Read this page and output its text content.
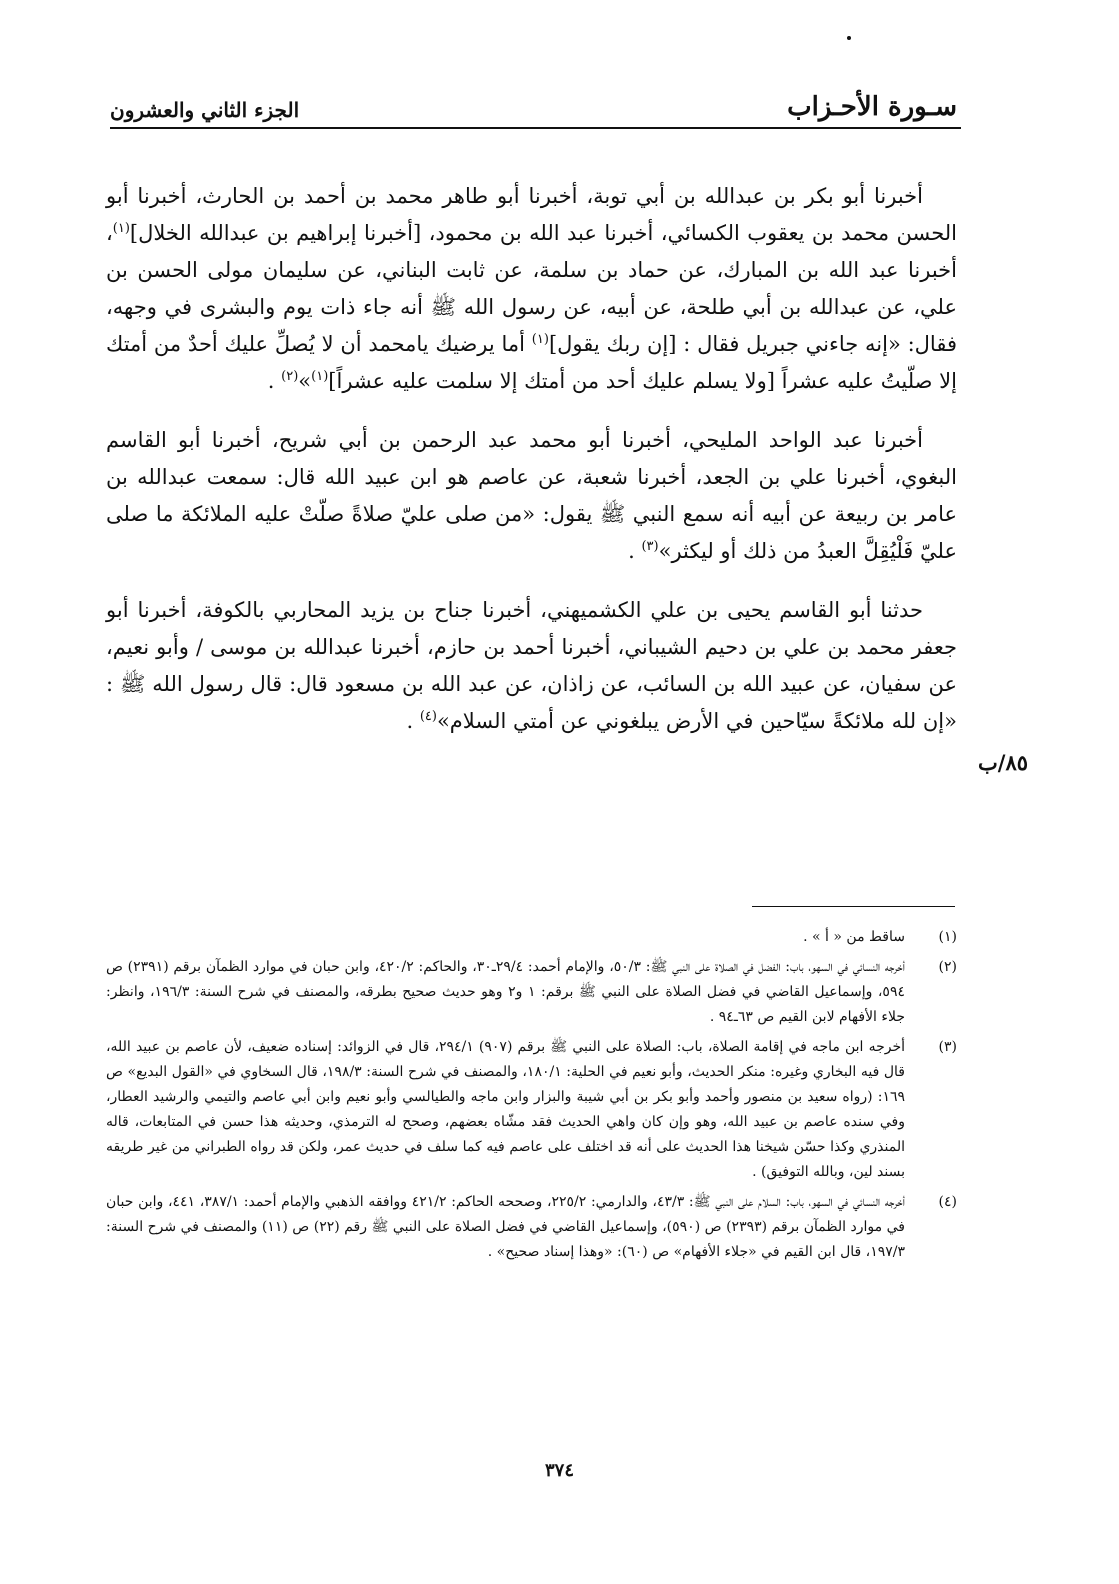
سـورة الأحـزاب
الجزء الثاني والعشرون

أخبرنا أبو بكر بن عبدالله بن أبي توبة، أخبرنا أبو طاهر محمد بن أحمد بن الحارث، أخبرنا أبو الحسن محمد بن يعقوب الكسائي، أخبرنا عبد الله بن محمود، [أخبرنا إبراهيم بن عبدالله الخلال]$^{(١)}$، أخبرنا عبد الله بن المبارك، عن حماد بن سلمة، عن ثابت البناني، عن سليمان مولى الحسن بن علي، عن عبدالله بن أبي طلحة، عن أبيه، عن رسول الله ﷺ أنه جاء ذات يوم والبشرى في وجهه، فقال: «إنه جاءني جبريل فقال : [إن ربك يقول]$^{(١)}$ أما يرضيك يامحمد أن لا يُصلِّ عليك أحدٌ من أمتك إلا صلّيتُ عليه عشراً [ولا يسلم عليك أحد من أمتك إلا سلمت عليه عشراً]$^{(١)}$»$^{(٢)}$ .

أخبرنا عبد الواحد المليحي، أخبرنا أبو محمد عبد الرحمن بن أبي شريح، أخبرنا أبو القاسم البغوي، أخبرنا علي بن الجعد، أخبرنا شعبة، عن عاصم هو ابن عبيد الله قال: سمعت عبدالله بن عامر بن ربيعة عن أبيه أنه سمع النبي ﷺ يقول: «من صلى عليّ صلاةً صلّتْ عليه الملائكة ما صلى عليّ فَلْيُقِلَّ العبدُ من ذلك أو ليكثر»$^{(٣)}$ .

حدثنا أبو القاسم يحيى بن علي الكشميهني، أخبرنا جناح بن يزيد المحاربي بالكوفة، أخبرنا أبو جعفر محمد بن علي بن دحيم الشيباني، أخبرنا أحمد بن حازم، أخبرنا عبدالله بن موسى / وأبو نعيم، عن سفيان، عن عبيد الله بن السائب، عن زاذان، عن عبد الله بن مسعود قال: قال رسول الله ﷺ : «إن لله ملائكةً سيّاحين في الأرض يبلغوني عن أمتي السلام»$^{(٤)}$ .

٨٥/ب
(١)
ساقط من « أ » .
(٢)
أخرجه النسائي في السهو، باب: الفضل في الصلاة على النبي ﷺ: ٥٠/٣، والإمام أحمد: ٢٩/٤ـ٣٠، والحاكم: ٤٢٠/٢، وابن حبان في موارد الظمآن برقم (٢٣٩١) ص ٥٩٤، وإسماعيل القاضي في فضل الصلاة على النبي ﷺ برقم: ١ و٢ وهو حديث صحيح بطرقه، والمصنف في شرح السنة: ١٩٦/٣، وانظر: جلاء الأفهام لابن القيم ص ٦٣ـ٩٤ .
(٣)
أخرجه ابن ماجه في إقامة الصلاة، باب: الصلاة على النبي ﷺ برقم (٩٠٧) ٢٩٤/١، قال في الزوائد: إسناده ضعيف، لأن عاصم بن عبيد الله، قال فيه البخاري وغيره: منكر الحديث، وأبو نعيم في الحلية: ١٨٠/١، والمصنف في شرح السنة: ١٩٨/٣، قال السخاوي في «القول البديع» ص ١٦٩: (رواه سعيد بن منصور وأحمد وأبو بكر بن أبي شيبة والبزار وابن ماجه والطيالسي وأبو نعيم وابن أبي عاصم والتيمي والرشيد العطار، وفي سنده عاصم بن عبيد الله، وهو وإن كان واهي الحديث فقد مشّاه بعضهم، وصحح له الترمذي، وحديثه هذا حسن في المتابعات، قاله المنذري وكذا حسّن شيخنا هذا الحديث على أنه قد اختلف على عاصم فيه كما سلف في حديث عمر، ولكن قد رواه الطبراني من غير طريقه بسند لين، وبالله التوفيق) .
(٤)
أخرجه النسائي في السهو، باب: السلام على النبي ﷺ: ٤٣/٣، والدارمي: ٢٢٥/٢، وصححه الحاكم: ٤٢١/٢ ووافقه الذهبي والإمام أحمد: ٣٨٧/١، ٤٤١، وابن حبان في موارد الظمآن برقم (٢٣٩٣) ص (٥٩٠)، وإسماعيل القاضي في فضل الصلاة على النبي ﷺ رقم (٢٢) ص (١١) والمصنف في شرح السنة: ١٩٧/٣، قال ابن القيم في «جلاء الأفهام» ص (٦٠): «وهذا إسناد صحيح» .
٣٧٤
